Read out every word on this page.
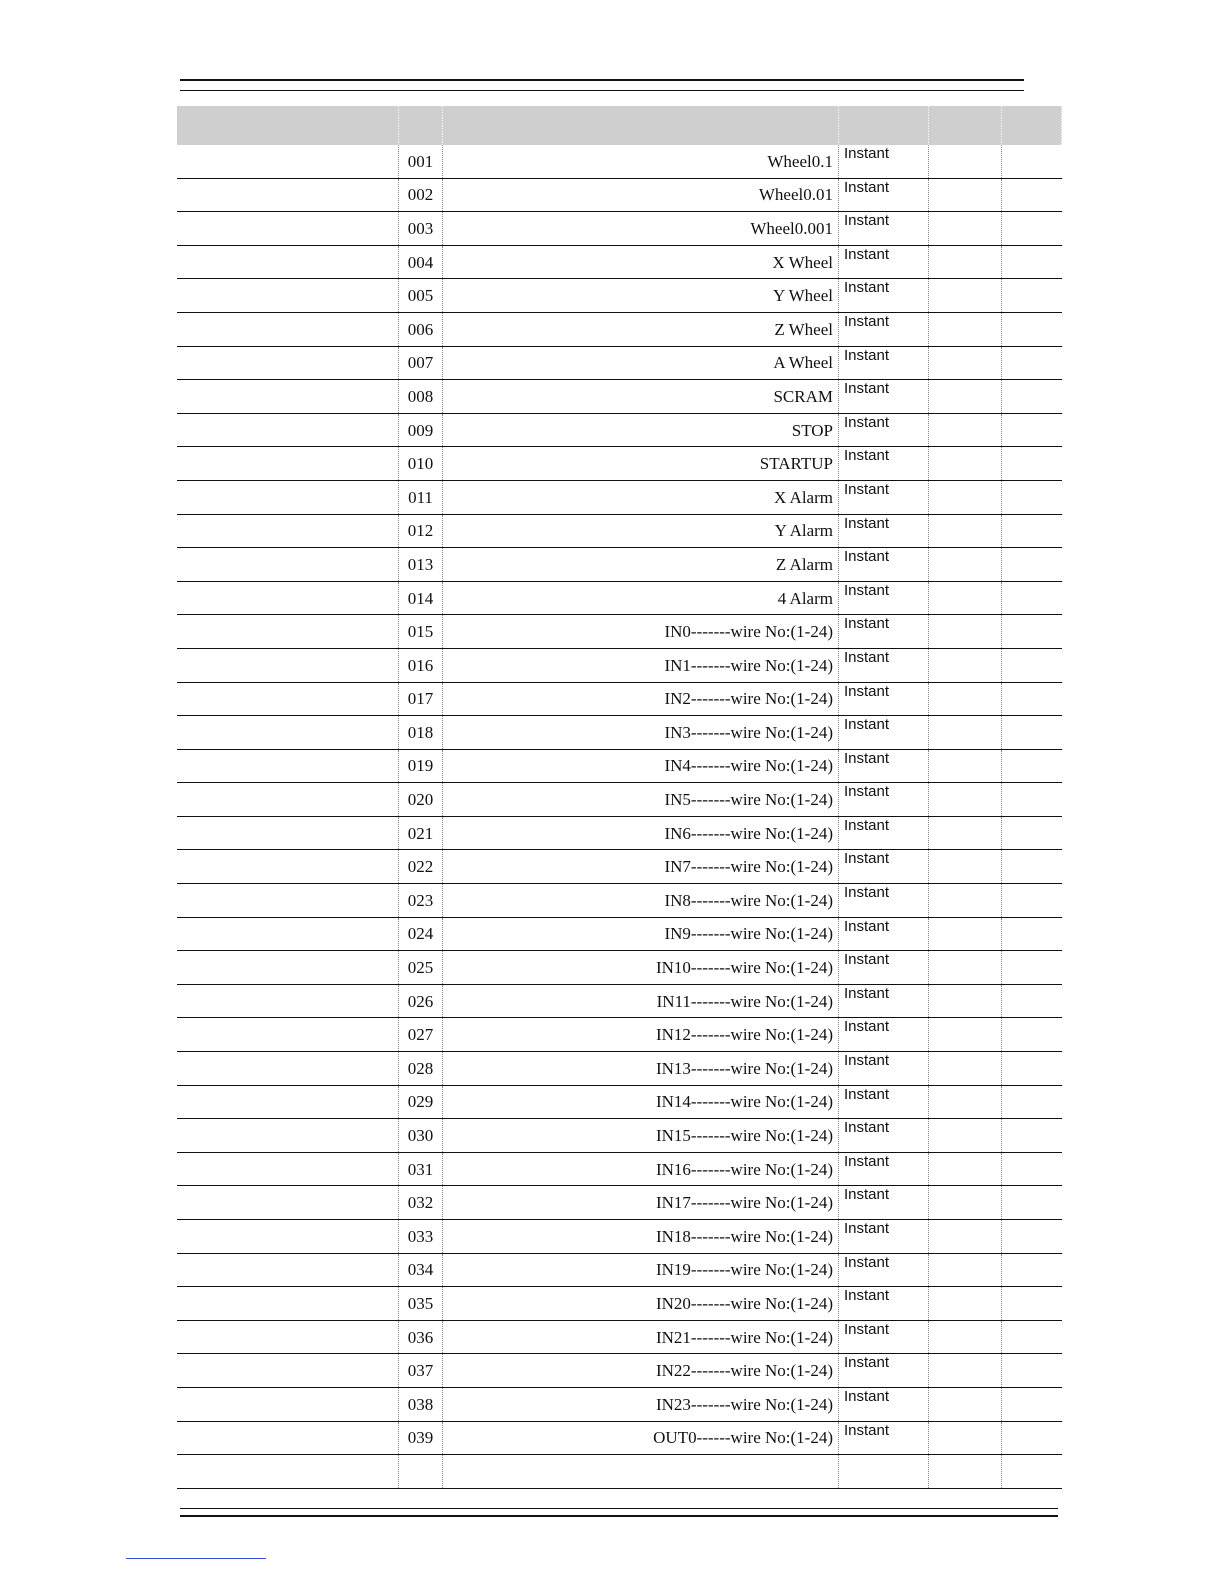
	001	Wheel0.1	Instant		
	002	Wheel0.01	Instant		
	003	Wheel0.001	Instant		
	004	X Wheel	Instant		
	005	Y Wheel	Instant		
	006	Z Wheel	Instant		
	007	A Wheel	Instant		
	008	SCRAM	Instant		
	009	STOP	Instant		
	010	STARTUP	Instant		
	011	X Alarm	Instant		
	012	Y Alarm	Instant		
	013	Z Alarm	Instant		
	014	4 Alarm	Instant		
	015	IN0-------wire No:(1-24)	Instant		
	016	IN1-------wire No:(1-24)	Instant		
	017	IN2-------wire No:(1-24)	Instant		
	018	IN3-------wire No:(1-24)	Instant		
	019	IN4-------wire No:(1-24)	Instant		
	020	IN5-------wire No:(1-24)	Instant		
	021	IN6-------wire No:(1-24)	Instant		
	022	IN7-------wire No:(1-24)	Instant		
	023	IN8-------wire No:(1-24)	Instant		
	024	IN9-------wire No:(1-24)	Instant		
	025	IN10-------wire No:(1-24)	Instant		
	026	IN11-------wire No:(1-24)	Instant		
	027	IN12-------wire No:(1-24)	Instant		
	028	IN13-------wire No:(1-24)	Instant		
	029	IN14-------wire No:(1-24)	Instant		
	030	IN15-------wire No:(1-24)	Instant		
	031	IN16-------wire No:(1-24)	Instant		
	032	IN17-------wire No:(1-24)	Instant		
	033	IN18-------wire No:(1-24)	Instant		
	034	IN19-------wire No:(1-24)	Instant		
	035	IN20-------wire No:(1-24)	Instant		
	036	IN21-------wire No:(1-24)	Instant		
	037	IN22-------wire No:(1-24)	Instant		
	038	IN23-------wire No:(1-24)	Instant		
	039	OUT0------wire No:(1-24)	Instant		
